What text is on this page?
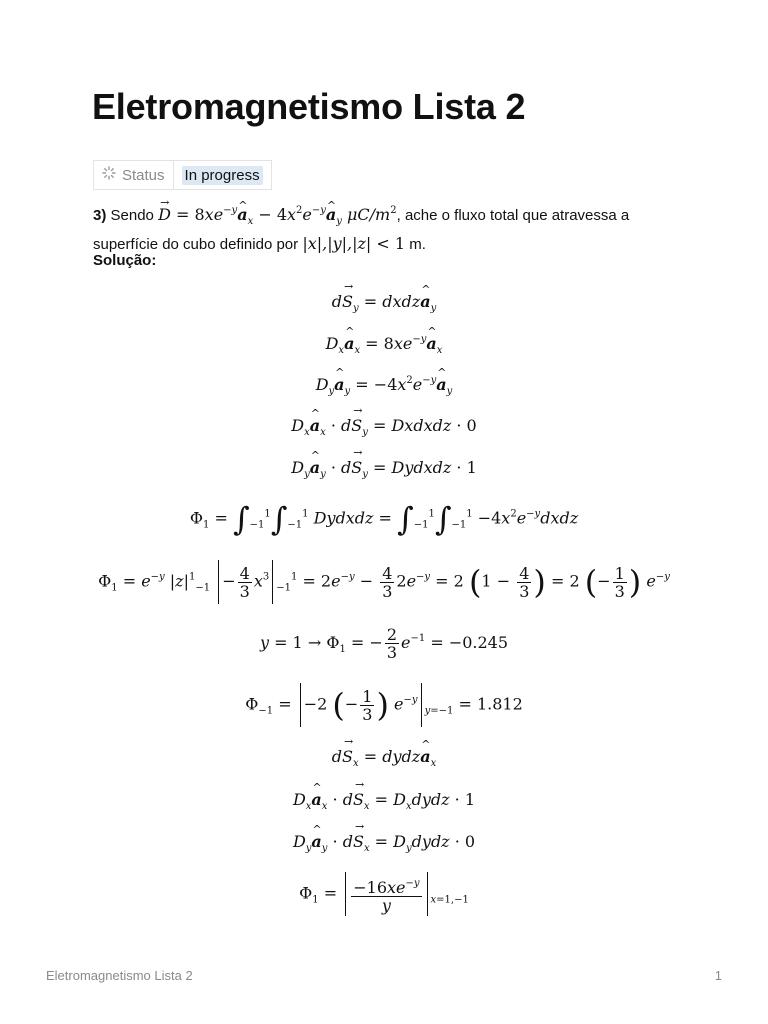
Eletromagnetismo Lista 2
Status In progress
3) Sendo → $D = 8xe^{-y}\^{}$ $a_x$ − $4x^2e^{-y}\^{}$ $a_y$ $\mu C/m^2$, ache o fluxo total que atravessa a superfície do cubo definido por |x|,|y|,|z| < 1 m.
Solução:
$d\to S_y$ = dxdz^ $a_y$
$D_x\^{}$ $a_x$ = $8xe^{-y}\^{}$ $a_x$
$D_y\^{}$ $a_y$ = $-4x^2e^{-y}\^{}$ $a_y$
$D_x\^{}$ $a_x \cdot d\to S_y$ = Dxdxdz · 0
$D_y\^{}$ $a_y \cdot d\to S_y$ = Dydxdz · 1
$\Phi_1 = \int_{-1}^1\int_{-1}^1$ Dydxdz = $\int_{-1}^1\int_{-1}^1$ $-4x^2e^{-y}dxdz$
$\Phi_1 = e^{-y}$ $|z|^1_{-1} - \frac{4}{3} x^3_{-1}^1 = 2e^{-y} - \frac{4}{3} 2e^{-y} = 2$ ($1 - \frac{4}{3}$ ) = 2 (− $\frac{1}{3}$ ) $e^{-y}$
$y = 1 \to \Phi_1$ = − $\frac{2}{3} e^{-1} = -0.245$
$\Phi_{-1} = -2$ (− $\frac{1}{3}$ ) $e^{-y}_{y=-1} = 1.812$
$d\to S_x$ = dydz^ $a_x$
$D_x\^{}$ $a_x \cdot d\to S_x$ = $D_xdydz \cdot 1$
$D_y\^{}$ $a_y \cdot d\to S_x$ = $D_ydydz \cdot 0$
$\Phi_1 = \frac{-16xe^{-y}}{y} _{x=1,-1}$
Eletromagnetismo Lista 2	1
